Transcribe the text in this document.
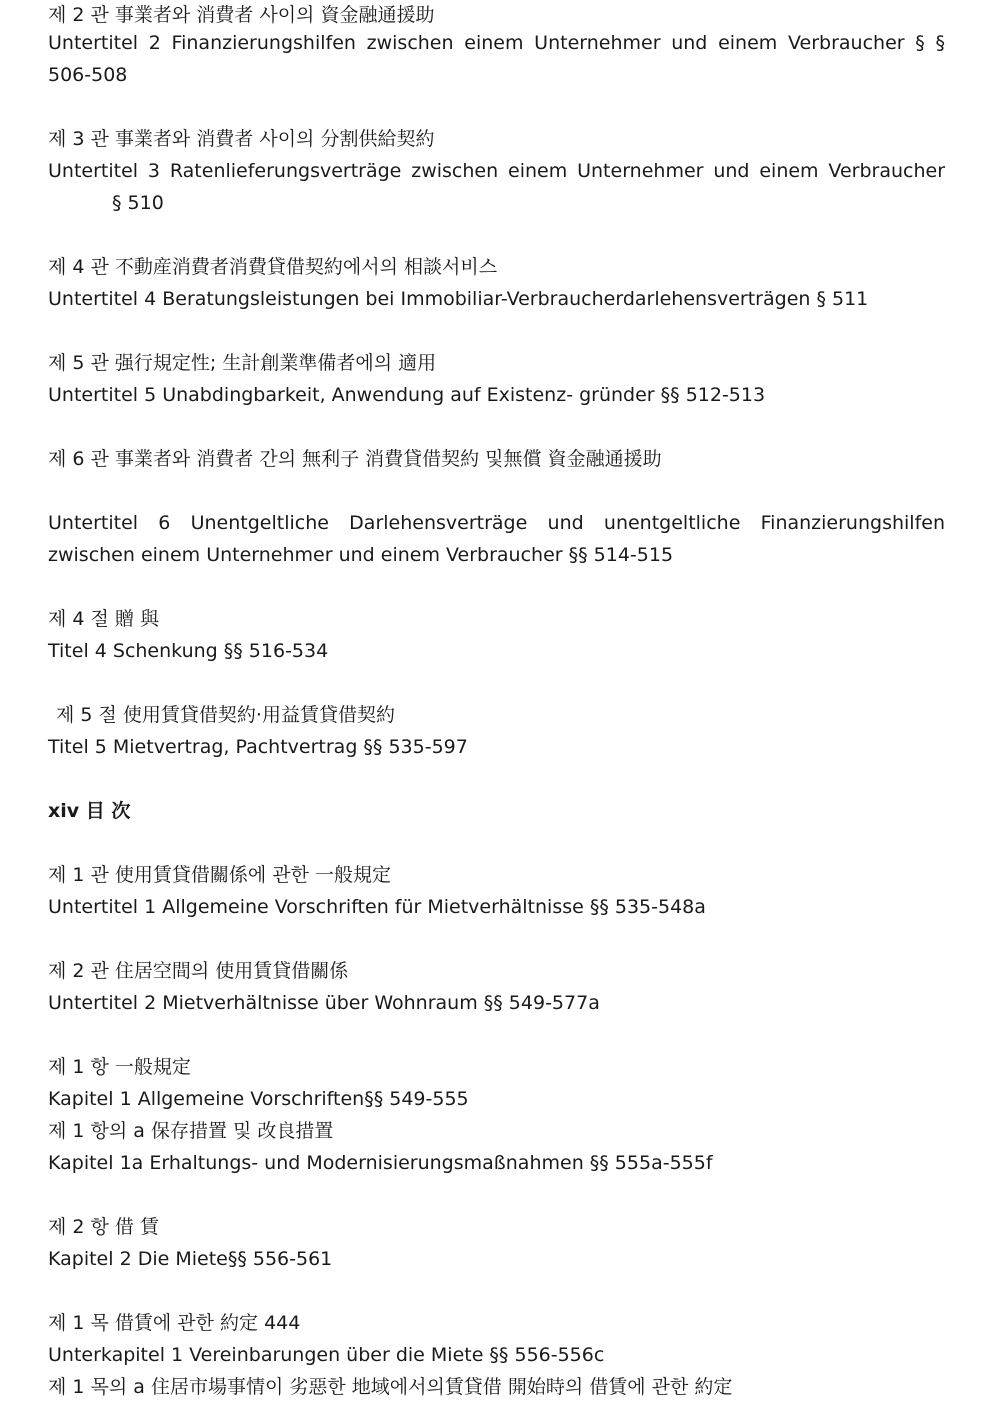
제 2 관 事業者와 消費者 사이의 資金融通援助
Untertitel 2 Finanzierungshilfen zwischen einem Unternehmer und einem Verbraucher § §
506-508
제 3 관 事業者와 消費者 사이의 分割供給契約
Untertitel 3 Ratenlieferungsverträge zwischen einem Unternehmer und einem Verbraucher
§ 510
제 4 관 不動産消費者消費貸借契約에서의 相談서비스
Untertitel 4 Beratungsleistungen bei Immobiliar-Verbraucherdarlehensverträgen § 511
제 5 관 强行規定性; 生計創業準備者에의 適用
Untertitel 5 Unabdingbarkeit, Anwendung auf Existenz- gründer §§ 512-513
제 6 관 事業者와 消費者 간의 無利子 消費貸借契約 및無償 資金融通援助
Untertitel 6 Unentgeltliche Darlehensverträge und unentgeltliche Finanzierungshilfen
zwischen einem Unternehmer und einem Verbraucher §§ 514-515
제 4 절 贈 與
Titel 4 Schenkung §§ 516-534
제 5 절 使用賃貸借契約·用益賃貸借契約
Titel 5 Mietvertrag, Pachtvertrag §§ 535-597
xiv 目 次
제 1 관 使用賃貸借關係에 관한 一般規定
Untertitel 1 Allgemeine Vorschriften für Mietverhältnisse §§ 535-548a
제 2 관 住居空間의 使用賃貸借關係
Untertitel 2 Mietverhältnisse über Wohnraum §§ 549-577a
제 1 항 一般規定
Kapitel 1 Allgemeine Vorschriften§§ 549-555
제 1 항의 a 保存措置 및 改良措置
Kapitel 1a Erhaltungs- und Modernisierungsmaßnahmen §§ 555a-555f
제 2 항 借 賃
Kapitel 2 Die Miete§§ 556-561
제 1 목 借賃에 관한 約定 444
Unterkapitel 1 Vereinbarungen über die Miete §§ 556-556c
제 1 목의 a 住居市場事情이 劣惡한 地域에서의賃貸借 開始時의 借賃에 관한 約定
